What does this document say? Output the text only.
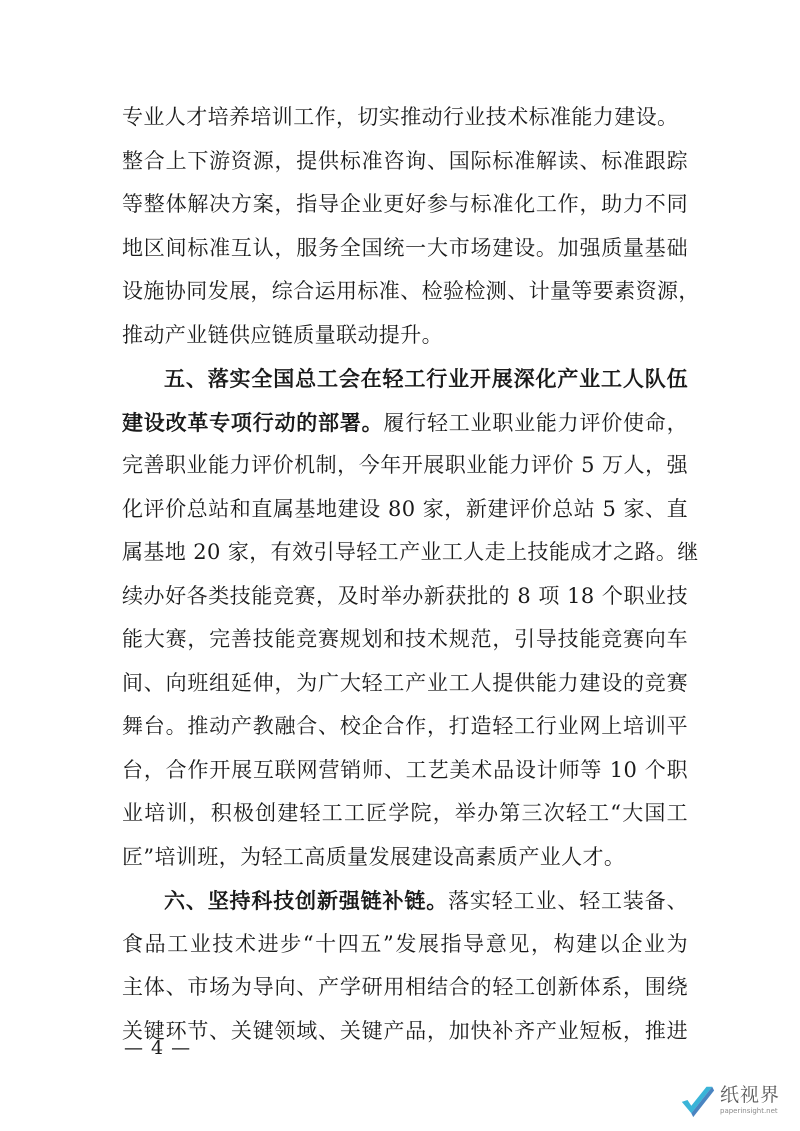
专业人才培养培训工作，切实推动行业技术标准能力建设。
整合上下游资源，提供标准咨询、国际标准解读、标准跟踪
等整体解决方案，指导企业更好参与标准化工作，助力不同
地区间标准互认，服务全国统一大市场建设。加强质量基础
设施协同发展，综合运用标准、检验检测、计量等要素资源，
推动产业链供应链质量联动提升。
五、落实全国总工会在轻工行业开展深化产业工人队伍
建设改革专项行动的部署。履行轻工业职业能力评价使命，
完善职业能力评价机制，今年开展职业能力评价 5 万人，强
化评价总站和直属基地建设 80 家，新建评价总站 5 家、直
属基地 20 家，有效引导轻工产业工人走上技能成才之路。继
续办好各类技能竞赛，及时举办新获批的 8 项 18 个职业技
能大赛，完善技能竞赛规划和技术规范，引导技能竞赛向车
间、向班组延伸，为广大轻工产业工人提供能力建设的竞赛
舞台。推动产教融合、校企合作，打造轻工行业网上培训平
台，合作开展互联网营销师、工艺美术品设计师等 10 个职
业培训，积极创建轻工工匠学院，举办第三次轻工“大国工
匠”培训班，为轻工高质量发展建设高素质产业人才。
六、坚持科技创新强链补链。落实轻工业、轻工装备、
食品工业技术进步“十四五”发展指导意见，构建以企业为
主体、市场为导向、产学研用相结合的轻工创新体系，围绕
关键环节、关键领域、关键产品，加快补齐产业短板，推进
— 4 —
纸视界
paperinsight.net
